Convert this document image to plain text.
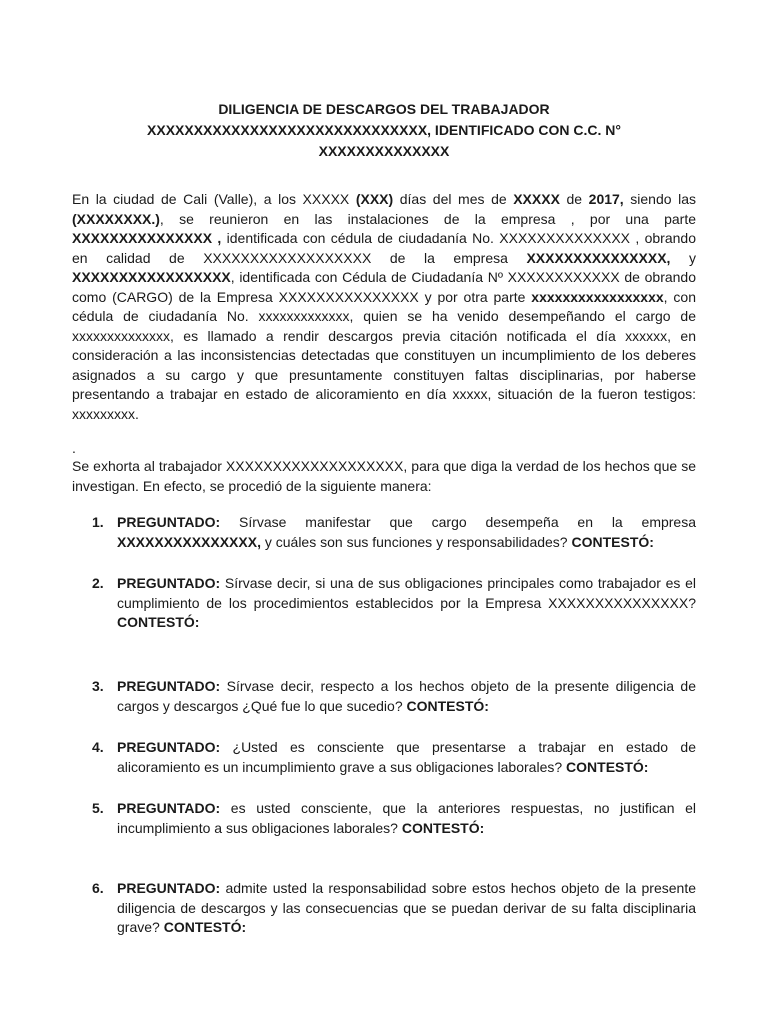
DILIGENCIA DE DESCARGOS DEL TRABAJADOR
XXXXXXXXXXXXXXXXXXXXXXXXXXXXXX, IDENTIFICADO CON C.C. N°
XXXXXXXXXXXXXX

En la ciudad de Cali (Valle), a los XXXXX (XXX) días del mes de XXXXX de 2017, siendo las (XXXXXXXX.), se reunieron en las instalaciones de la empresa , por una parte XXXXXXXXXXXXXXX , identificada con cédula de ciudadanía No. XXXXXXXXXXXXXX , obrando en calidad de XXXXXXXXXXXXXXXXXX de la empresa XXXXXXXXXXXXXXX, y XXXXXXXXXXXXXXXXX, identificada con Cédula de Ciudadanía Nº XXXXXXXXXXXX de obrando como (CARGO) de la Empresa XXXXXXXXXXXXXXX y por otra parte xxxxxxxxxxxxxxxxx, con cédula de ciudadanía No. xxxxxxxxxxxxx, quien se ha venido desempeñando el cargo de xxxxxxxxxxxxxx, es llamado a rendir descargos previa citación notificada el día xxxxxx, en consideración a las inconsistencias detectadas que constituyen un incumplimiento de los deberes asignados a su cargo y que presuntamente constituyen faltas disciplinarias, por haberse presentando a trabajar en estado de alicoramiento en día xxxxx, situación de la fueron testigos: xxxxxxxxx.

.

Se exhorta al trabajador XXXXXXXXXXXXXXXXXXX, para que diga la verdad de los hechos que se investigan. En efecto, se procedió de la siguiente manera:

1. PREGUNTADO: Sírvase manifestar que cargo desempeña en la empresa XXXXXXXXXXXXXXX, y cuáles son sus funciones y responsabilidades? CONTESTÓ:

2. PREGUNTADO: Sírvase decir, si una de sus obligaciones principales como trabajador es el cumplimiento de los procedimientos establecidos por la Empresa XXXXXXXXXXXXXXX? CONTESTÓ:

3. PREGUNTADO: Sírvase decir, respecto a los hechos objeto de la presente diligencia de cargos y descargos ¿Qué fue lo que sucedio? CONTESTÓ:

4. PREGUNTADO: ¿Usted es consciente que presentarse a trabajar en estado de alicoramiento es un incumplimiento grave a sus obligaciones laborales? CONTESTÓ:

5. PREGUNTADO: es usted consciente, que la anteriores respuestas, no justifican el incumplimiento a sus obligaciones laborales? CONTESTÓ:

6. PREGUNTADO: admite usted la responsabilidad sobre estos hechos objeto de la presente diligencia de descargos y las consecuencias que se puedan derivar de su falta disciplinaria grave? CONTESTÓ:
